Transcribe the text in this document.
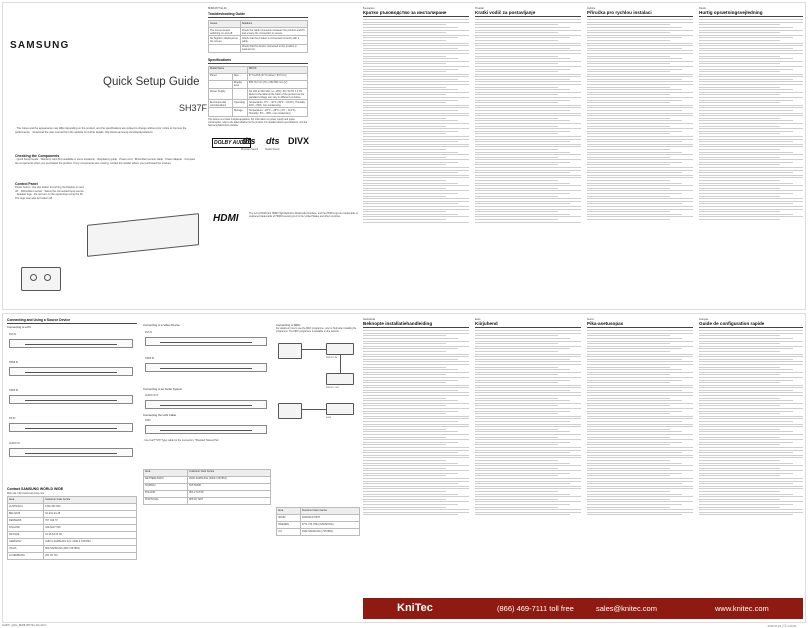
SAMSUNG
Quick Setup Guide
SH37F
· The colour and the appearance may differ depending on the product, and the specifications are subject to change without prior notice to improve the performance. · Download the user manual from the website for further details. http://www.samsung.com/displaysolutions
Checking the Components
· Quick Setup Guide · Warranty card (Not available in some locations) · Regulatory guide · Power cord · IR/Ambient sensor cable · Power adapter · Compare the components when you purchased the product. If any components are missing, contact the retailer where you purchased the product.
Control Panel
Power button: Use this button for turning the Display on and off. · IR/Ambient sensor · Select the connected input source. · Speaker legs · Do not turn on the signal logo using the IR. The logo may also be broken off.
BN68-08774A-00
Troubleshooting Guide
Issues	Solutions
The screen keeps switching on and off.	Check the cable connection between the product and PC, and ensure the connection is secure.
No Signal is displayed on the screen.	Check that the product is connected correctly with a cable.
	Check that the device connected to the product is powered on.
Specifications
Model Name		SH37F
Panel	Size	37 CLASS (37.0 inches / 93.9 cm)
	Display area	899.712 mm (H) x 252.864 mm (V)
Power Supply		AC 100 to 240 VAC (+/- 10%), 60 / 50 Hz ± 3 Hz. Refer to the label at the back of the product as the standard voltage can vary in different countries.
Environmental considerations	Operating	Temperature: 0°C – 40°C (32°F – 104°F), Humidity: 10% – 80%, non-condensing
	Storage	Temperature: -20°C – 45°C (-4°F – 113°F), Humidity: 5% – 95%, non-condensing
This device is a Class A digital apparatus. For information on power supply and power consumption, refer to the label attached to the product. For detailed device specifications, visit the Samsung Electronics website.
DOLBY AUDIO
dts
Premium Sound
dts
Studio Sound
DIVX
HDMI	The terms HDMI and HDMI High-Definition Multimedia Interface, and the HDMI Logo are trademarks or registered trademarks of HDMI Licensing LLC in the United States and other countries.
Български
Кратко ръководство за инсталиране
Hrvatski
Kratki vodič za postavljanje
Čeština
Příručka pro rychlou instalaci
Dansk
Hurtig opsætningsvejledning
Connecting and Using a Source Device
Connecting to a PC
DVI IN
HDMI IN
HDMI IN
DP IN
AUDIO IN
Contact SAMSUNG WORLD WIDE
Web site: http://www.samsung.com
Area	Customer Care Centre
AUSTRALIA	1300 362 603
BELGIUM	02-201-24-18
DENMARK	707 019 70
FINLAND	030-6227 515
FRANCE	01 48 63 00 00
GERMANY	0180 6 SAMSUNG bzw. 0180 6 7267864
ITALIA	800-SAMSUNG (800.7267864)
LUXEMBURG	261 03 710
Connecting to a Video Device
DVI IN
HDMI IN
Connecting to an Audio System
AUDIO OUT
Connecting the LAN Cable
RJ45
· Use Cat7(*STP Type) cable for the connection. *Shielded Twisted Pair
Area	Customer Care Centre
NETHERLANDS	0900-SAMSUNG (0900-7267864)
NORWAY	815 56480
POLAND	801-172-678
PORTUGAL	808 20 7267
Connecting to MDC
For details on how to use the MDC programme, refer to Help after installing the programme. The MDC programme is available on the website.
RS232C IN
RS232C OUT
RJ45
Area	Customer Care Centre
SPAIN	0034902172678
SWEDEN	0771 726 7864 (SAMSUNG)
U.K	0330 SAMSUNG (7267864)
Nederlands
Beknopte installatiehandleiding
Eesti
Kiirjuhend
Suomi
Pika-asetusopas
Français
Guide de configuration rapide
KniTec	(866) 469-7111 toll free	sales@knitec.com	www.knitec.com
SH37F_QSG_BN68-08774A-00.indd 1	2016-07-21 오후 2:14:32
